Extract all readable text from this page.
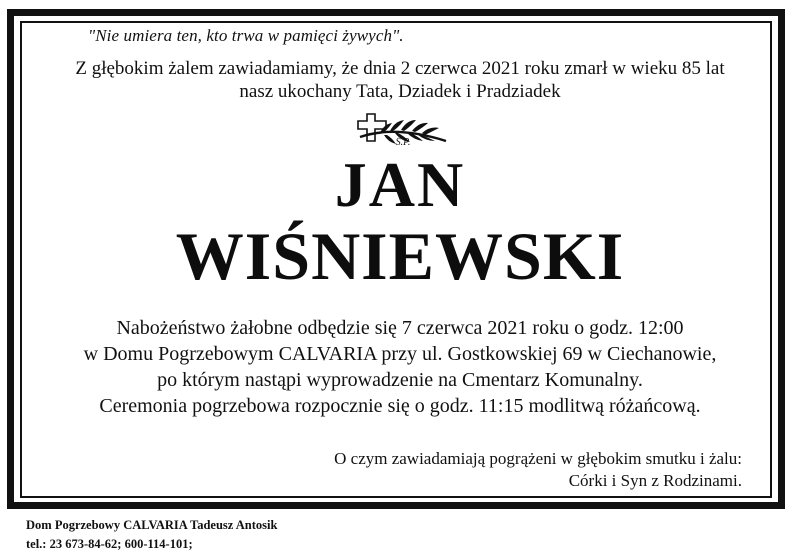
"Nie umiera ten, kto trwa w pamięci żywych".
Z głębokim żalem zawiadamiamy, że dnia 2 czerwca 2021 roku zmarł w wieku 85 lat
nasz ukochany Tata, Dziadek i Pradziadek
Ś.P.
JAN
WIŚNIEWSKI
Nabożeństwo żałobne odbędzie się 7 czerwca 2021 roku o godz. 12:00
w Domu Pogrzebowym CALVARIA przy ul. Gostkowskiej 69 w Ciechanowie,
po którym nastąpi wyprowadzenie na Cmentarz Komunalny.
Ceremonia pogrzebowa rozpocznie się o godz. 11:15 modlitwą różańcową.
O czym zawiadamiają pogrążeni w głębokim smutku i żalu:
Córki i Syn z Rodzinami.
Dom Pogrzebowy CALVARIA Tadeusz Antosik
tel.: 23 673-84-62; 600-114-101;
